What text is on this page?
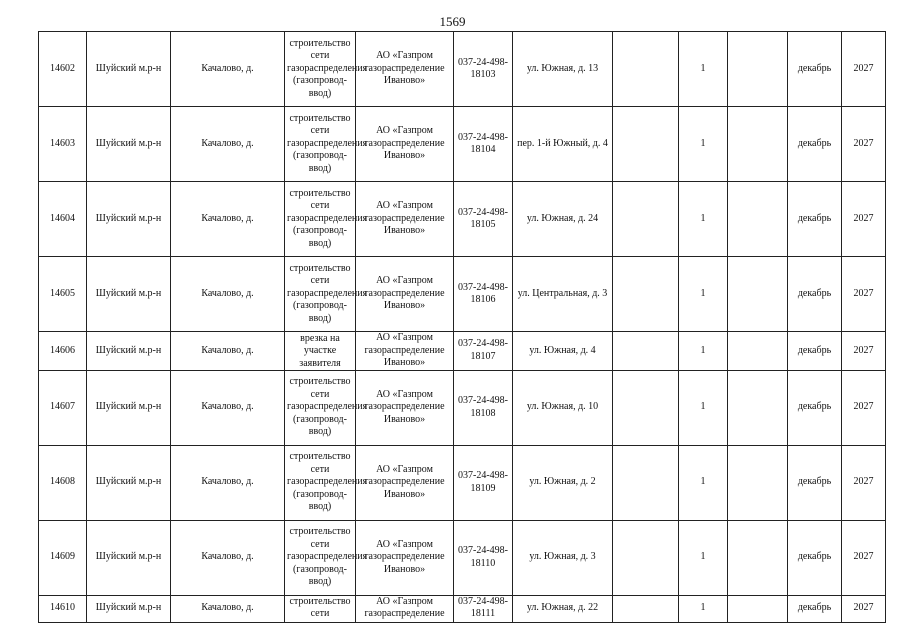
1569
14602	Шуйский м.р-н	Качалово, д.	строительство сети газораспределения (газопровод-ввод)	АО «Газпром газораспределение Иваново»	037-24-498-18103	ул. Южная, д. 13		1		декабрь	2027
14603	Шуйский м.р-н	Качалово, д.	строительство сети газораспределения (газопровод-ввод)	АО «Газпром газораспределение Иваново»	037-24-498-18104	пер. 1-й Южный, д. 4		1		декабрь	2027
14604	Шуйский м.р-н	Качалово, д.	строительство сети газораспределения (газопровод-ввод)	АО «Газпром газораспределение Иваново»	037-24-498-18105	ул. Южная, д. 24		1		декабрь	2027
14605	Шуйский м.р-н	Качалово, д.	строительство сети газораспределения (газопровод-ввод)	АО «Газпром газораспределение Иваново»	037-24-498-18106	ул. Центральная, д. 3		1		декабрь	2027
14606	Шуйский м.р-н	Качалово, д.	врезка на участке заявителя	АО «Газпром газораспределение Иваново»	037-24-498-18107	ул. Южная, д. 4		1		декабрь	2027
14607	Шуйский м.р-н	Качалово, д.	строительство сети газораспределения (газопровод-ввод)	АО «Газпром газораспределение Иваново»	037-24-498-18108	ул. Южная, д. 10		1		декабрь	2027
14608	Шуйский м.р-н	Качалово, д.	строительство сети газораспределения (газопровод-ввод)	АО «Газпром газораспределение Иваново»	037-24-498-18109	ул. Южная, д. 2		1		декабрь	2027
14609	Шуйский м.р-н	Качалово, д.	строительство сети газораспределения (газопровод-ввод)	АО «Газпром газораспределение Иваново»	037-24-498-18110	ул. Южная, д. 3		1		декабрь	2027
14610	Шуйский м.р-н	Качалово, д.	строительство сети	АО «Газпром газораспределение	037-24-498-18111	ул. Южная, д. 22		1		декабрь	2027
